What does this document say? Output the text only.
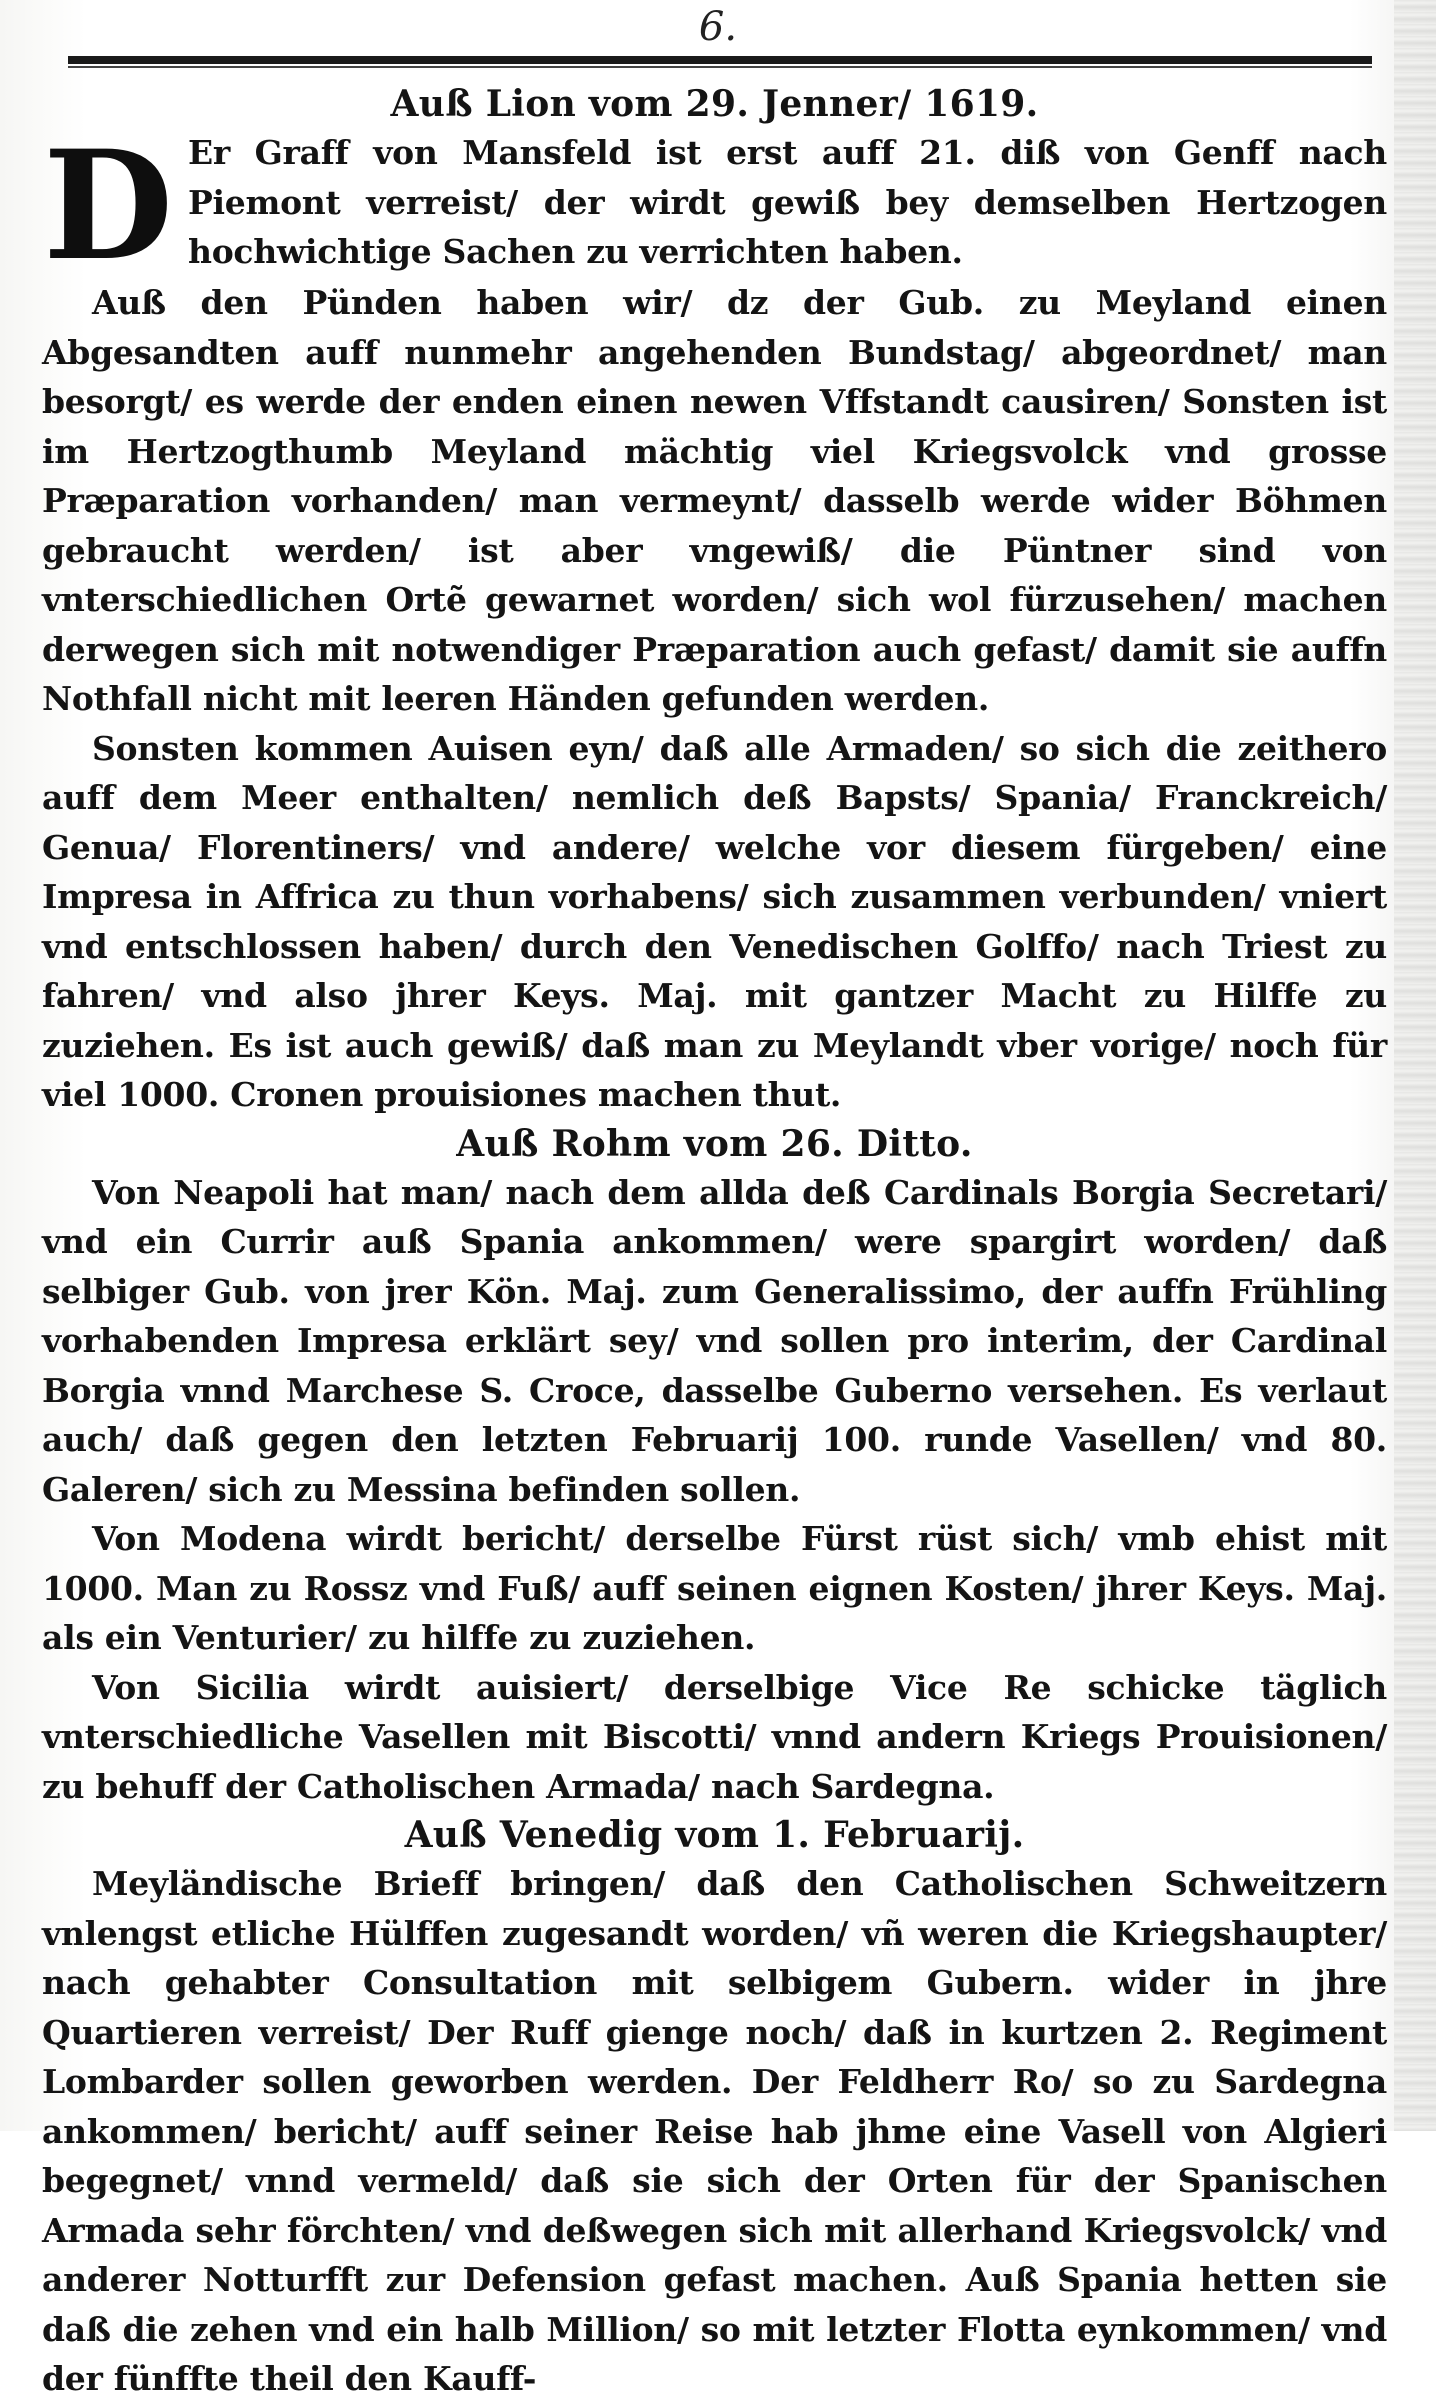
6.
Auß Lion vom 29. Jenner/ 1619.

D Er Graff von Mansfeld ist erst auff 21. diß von Genff nach Piemont verreist/ der wirdt gewiß bey demselben Hertzogen hochwichtige Sachen zu verrichten haben.

Auß den Pünden haben wir/ dz der Gub. zu Meyland einen Abgesandten auff nunmehr angehenden Bundstag/ abgeordnet/ man besorgt/ es werde der enden einen newen Vffstandt causiren/ Sonsten ist im Hertzogthumb Meyland mächtig viel Kriegsvolck vnd grosse Præparation vorhanden/ man vermeynt/ dasselb werde wider Böhmen gebraucht werden/ ist aber vngewiß/ die Püntner sind von vnterschiedlichen Ortẽ gewarnet worden/ sich wol fürzusehen/ machen derwegen sich mit notwendiger Præparation auch gefast/ damit sie auffn Nothfall nicht mit leeren Händen gefunden werden.

Sonsten kommen Auisen eyn/ daß alle Armaden/ so sich die zeithero auff dem Meer enthalten/ nemlich deß Bapsts/ Spania/ Franckreich/ Genua/ Florentiners/ vnd andere/ welche vor diesem fürgeben/ eine Impresa in Affrica zu thun vorhabens/ sich zusammen verbunden/ vniert vnd entschlossen haben/ durch den Venedischen Golffo/ nach Triest zu fahren/ vnd also jhrer Keys. Maj. mit gantzer Macht zu Hilffe zu zuziehen. Es ist auch gewiß/ daß man zu Meylandt vber vorige/ noch für viel 1000. Cronen prouisiones machen thut.

Auß Rohm vom 26. Ditto.

Von Neapoli hat man/ nach dem allda deß Cardinals Borgia Secretari/ vnd ein Currir auß Spania ankommen/ were spargirt worden/ daß selbiger Gub. von jrer Kön. Maj. zum Generalissimo, der auffn Frühling vorhabenden Impresa erklärt sey/ vnd sollen pro interim, der Cardinal Borgia vnnd Marchese S. Croce, dasselbe Guberno versehen. Es verlaut auch/ daß gegen den letzten Februarij 100. runde Vasellen/ vnd 80. Galeren/ sich zu Messina befinden sollen.

Von Modena wirdt bericht/ derselbe Fürst rüst sich/ vmb ehist mit 1000. Man zu Rossz vnd Fuß/ auff seinen eignen Kosten/ jhrer Keys. Maj. als ein Venturier/ zu hilffe zu zuziehen.

Von Sicilia wirdt auisiert/ derselbige Vice Re schicke täglich vnterschiedliche Vasellen mit Biscotti/ vnnd andern Kriegs Prouisionen/ zu behuff der Catholischen Armada/ nach Sardegna.

Auß Venedig vom 1. Februarij.

Meyländische Brieff bringen/ daß den Catholischen Schweitzern vnlengst etliche Hülffen zugesandt worden/ vñ weren die Kriegshaupter/ nach gehabter Consultation mit selbigem Gubern. wider in jhre Quartieren verreist/ Der Ruff gienge noch/ daß in kurtzen 2. Regiment Lombarder sollen geworben werden. Der Feldherr Ro/ so zu Sardegna ankommen/ bericht/ auff seiner Reise hab jhme eine Vasell von Algieri begegnet/ vnnd vermeld/ daß sie sich der Orten für der Spanischen Armada sehr förchten/ vnd deßwegen sich mit allerhand Kriegsvolck/ vnd anderer Notturfft zur Defension gefast machen. Auß Spania hetten sie daß die zehen vnd ein halb Million/ so mit letzter Flotta eynkommen/ vnd der fünffte theil den Kauff-
